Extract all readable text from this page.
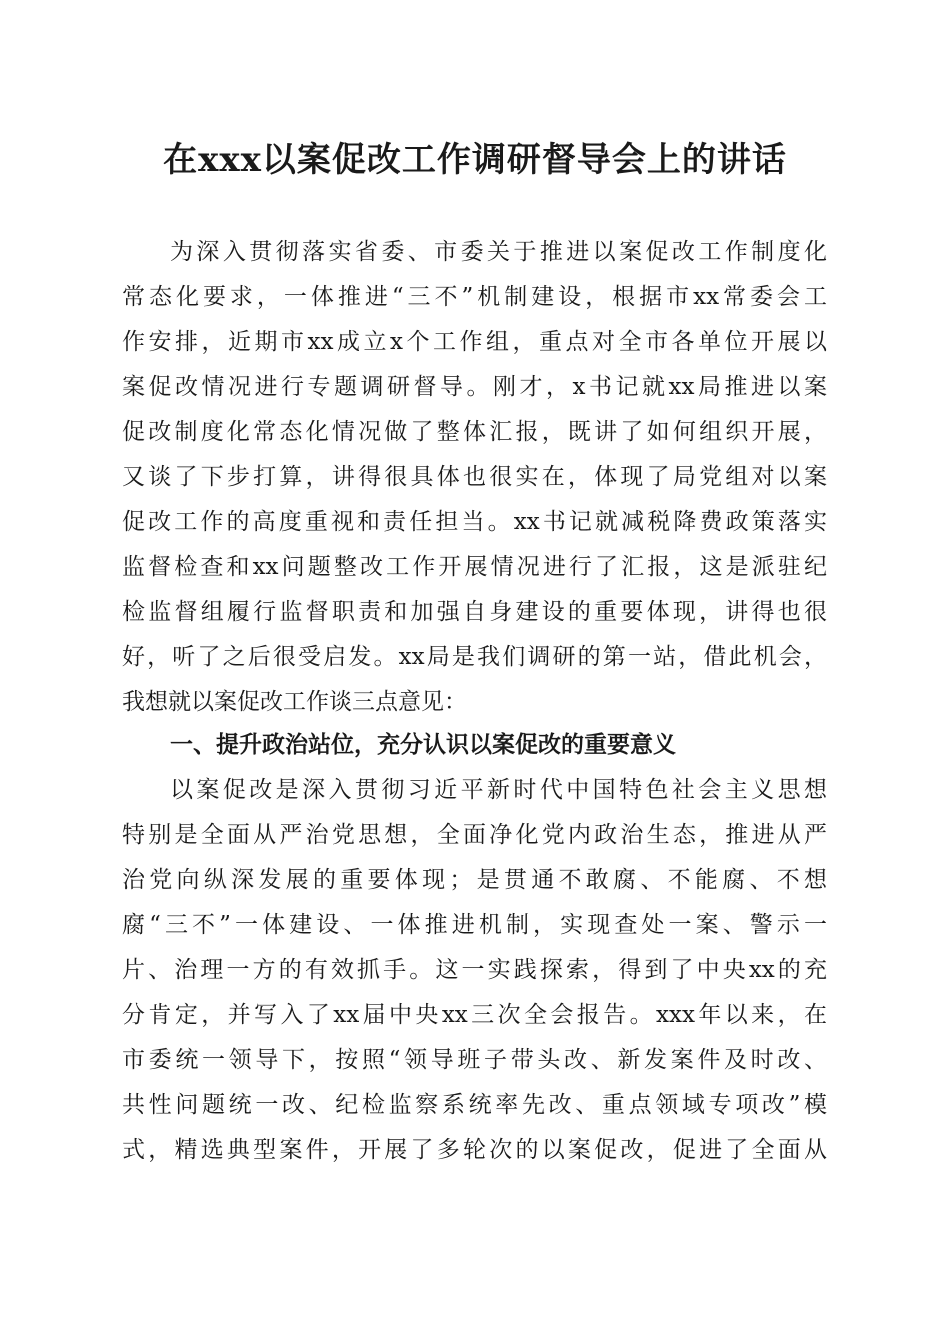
在xxx以案促改工作调研督导会上的讲话
为深入贯彻落实省委、市委关于推进以案促改工作制度化
常态化要求，一体推进“三不”机制建设，根据市xx常委会工
作安排，近期市xx成立x个工作组，重点对全市各单位开展以
案促改情况进行专题调研督导。刚才，x书记就xx局推进以案
促改制度化常态化情况做了整体汇报，既讲了如何组织开展，
又谈了下步打算，讲得很具体也很实在，体现了局党组对以案
促改工作的高度重视和责任担当。xx书记就减税降费政策落实
监督检查和xx问题整改工作开展情况进行了汇报，这是派驻纪
检监督组履行监督职责和加强自身建设的重要体现，讲得也很
好，听了之后很受启发。xx局是我们调研的第一站，借此机会，
我想就以案促改工作谈三点意见：
一、提升政治站位，充分认识以案促改的重要意义
以案促改是深入贯彻习近平新时代中国特色社会主义思想
特别是全面从严治党思想，全面净化党内政治生态，推进从严
治党向纵深发展的重要体现；是贯通不敢腐、不能腐、不想
腐“三不”一体建设、一体推进机制，实现查处一案、警示一
片、治理一方的有效抓手。这一实践探索，得到了中央xx的充
分肯定，并写入了xx届中央xx三次全会报告。xxx年以来，在
市委统一领导下，按照“领导班子带头改、新发案件及时改、
共性问题统一改、纪检监察系统率先改、重点领域专项改”模
式，精选典型案件，开展了多轮次的以案促改，促进了全面从
